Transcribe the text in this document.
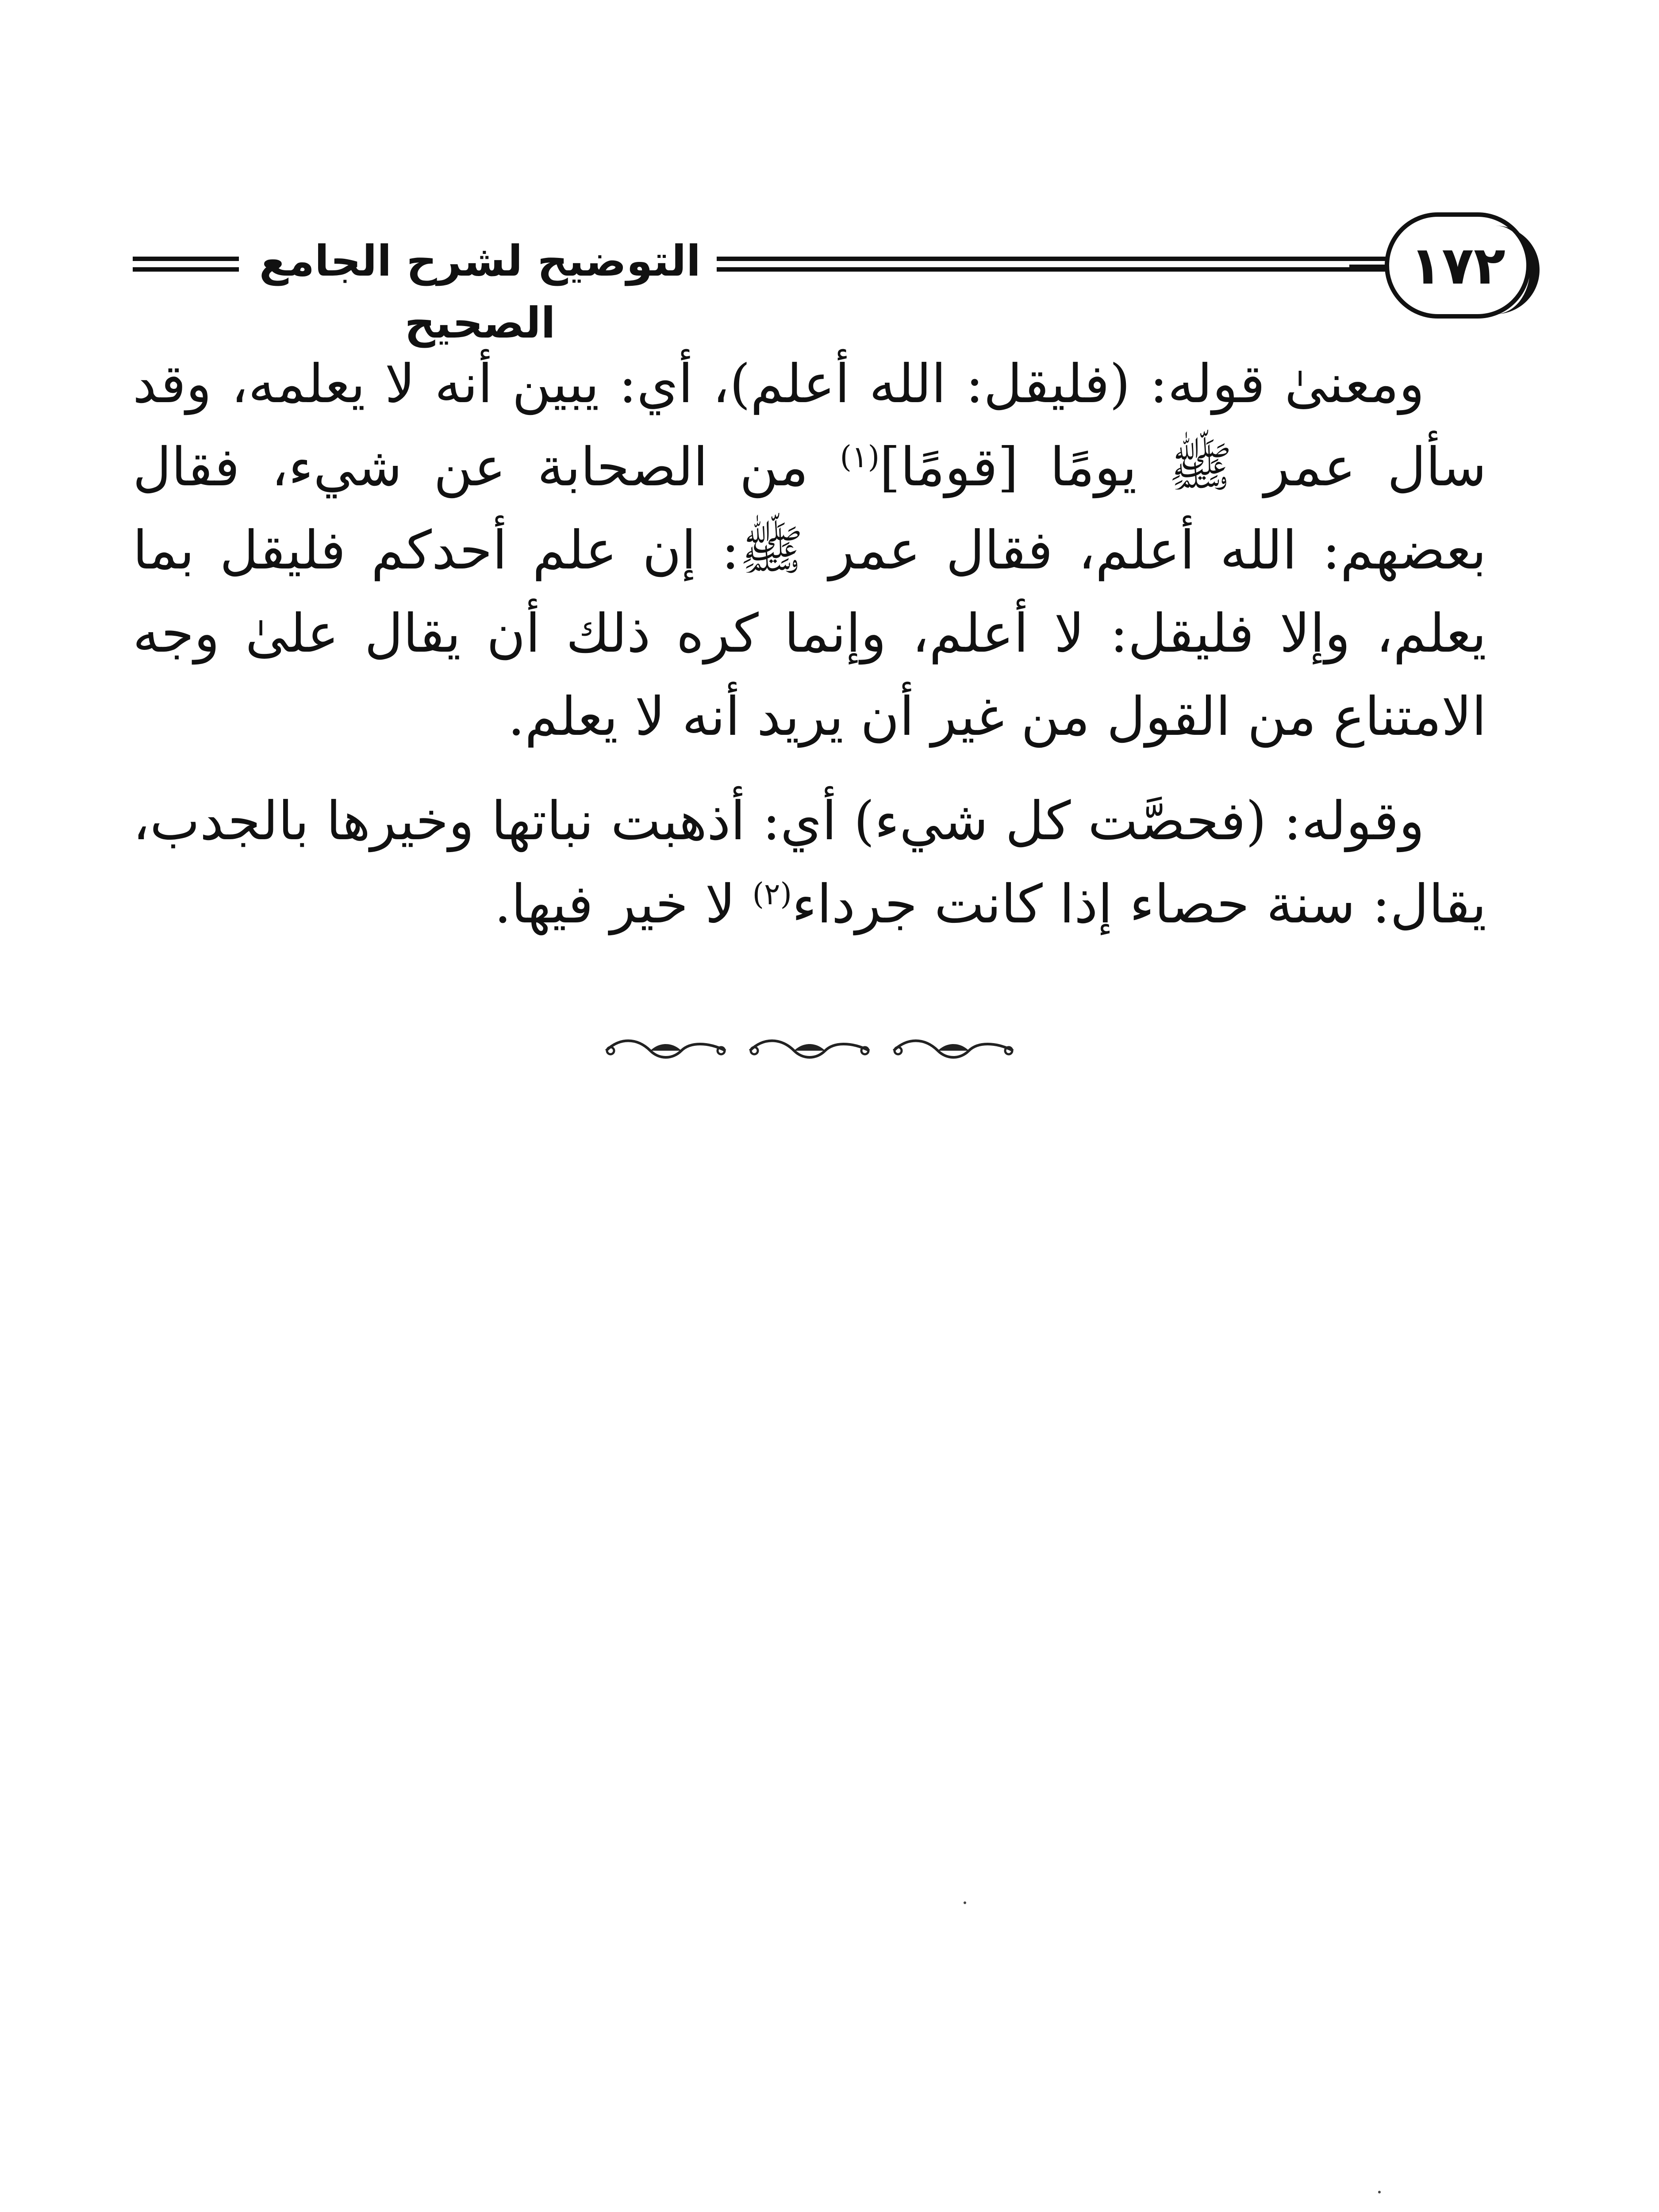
التوضيح لشرح الجامع الصحيح
١٧٢

ومعنىٰ قوله: (فليقل: الله أعلم)، أي: يبين أنه لا يعلمه، وقد سأل عمر ﷺ يومًا [قومًا]$^{(١)}$ من الصحابة عن شيء، فقال بعضهم: الله أعلم، فقال عمر ﷺ: إن علم أحدكم فليقل بما يعلم، وإلا فليقل: لا أعلم، وإنما كره ذلك أن يقال علىٰ وجه الامتناع من القول من غير أن يريد أنه لا يعلم.

وقوله: (فحصَّت كل شيء) أي: أذهبت نباتها وخيرها بالجدب، يقال: سنة حصاء إذا كانت جرداء$^{(٢)}$ لا خير فيها.
